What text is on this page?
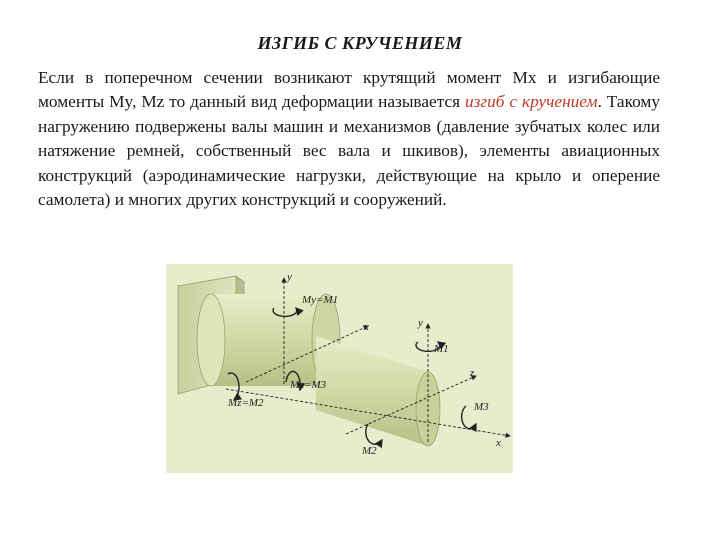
ИЗГИБ С КРУЧЕНИЕМ
Если в поперечном сечении возникают крутящий момент Mx и изгибающие моменты My, Mz то данный вид деформации называется изгиб с кручением. Такому нагружению подвержены валы машин и механизмов (давление зубчатых колес или натяжение ремней, собственный вес вала и шкивов), элементы авиационных конструкций (аэродинамические нагрузки, действующие на крыло и оперение самолета) и многих других конструкций и сооружений.
y
Mу=M1
x	y
M1
Mx=M3
z
M3
Mz=M2
x
M2
